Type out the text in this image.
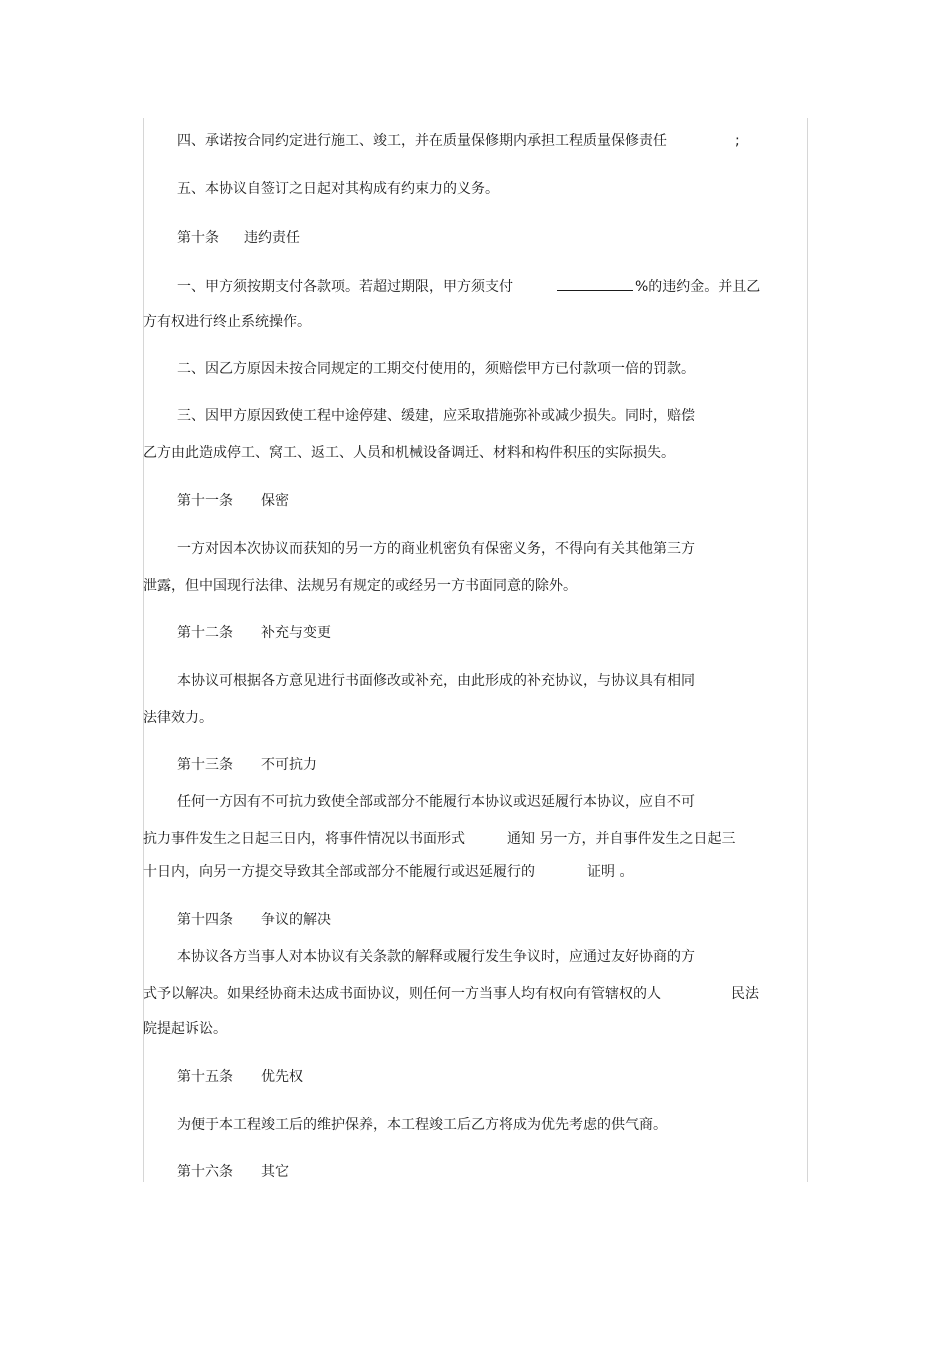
四、承诺按合同约定进行施工、竣工，并在质量保修期内承担工程质量保修责任	;

五、本协议自签订之日起对其构成有约束力的义务。

第十条 违约责任

一、甲方须按期支付各款项。若超过期限，甲方须支付	%的违约金。并且乙

方有权进行终止系统操作。

二、因乙方原因未按合同规定的工期交付使用的，须赔偿甲方已付款项一倍的罚款。

三、因甲方原因致使工程中途停建、缓建，应采取措施弥补或减少损失。同时，赔偿

乙方由此造成停工、窝工、返工、人员和机械设备调迁、材料和构件积压的实际损失。

第十一条 保密

一方对因本次协议而获知的另一方的商业机密负有保密义务，不得向有关其他第三方

泄露，但中国现行法律、法规另有规定的或经另一方书面同意的除外。

第十二条 补充与变更

本协议可根据各方意见进行书面修改或补充，由此形成的补充协议，与协议具有相同

法律效力。

第十三条 不可抗力

任何一方因有不可抗力致使全部或部分不能履行本协议或迟延履行本协议，应自不可

抗力事件发生之日起三日内，将事件情况以书面形式	通知 另一方，并自事件发生之日起三

十日内，向另一方提交导致其全部或部分不能履行或迟延履行的	证明 。

第十四条 争议的解决

本协议各方当事人对本协议有关条款的解释或履行发生争议时，应通过友好协商的方

式予以解决。如果经协商未达成书面协议，则任何一方当事人均有权向有管辖权的人	民法

院提起诉讼。

第十五条 优先权

为便于本工程竣工后的维护保养，本工程竣工后乙方将成为优先考虑的供气商。

第十六条 其它
